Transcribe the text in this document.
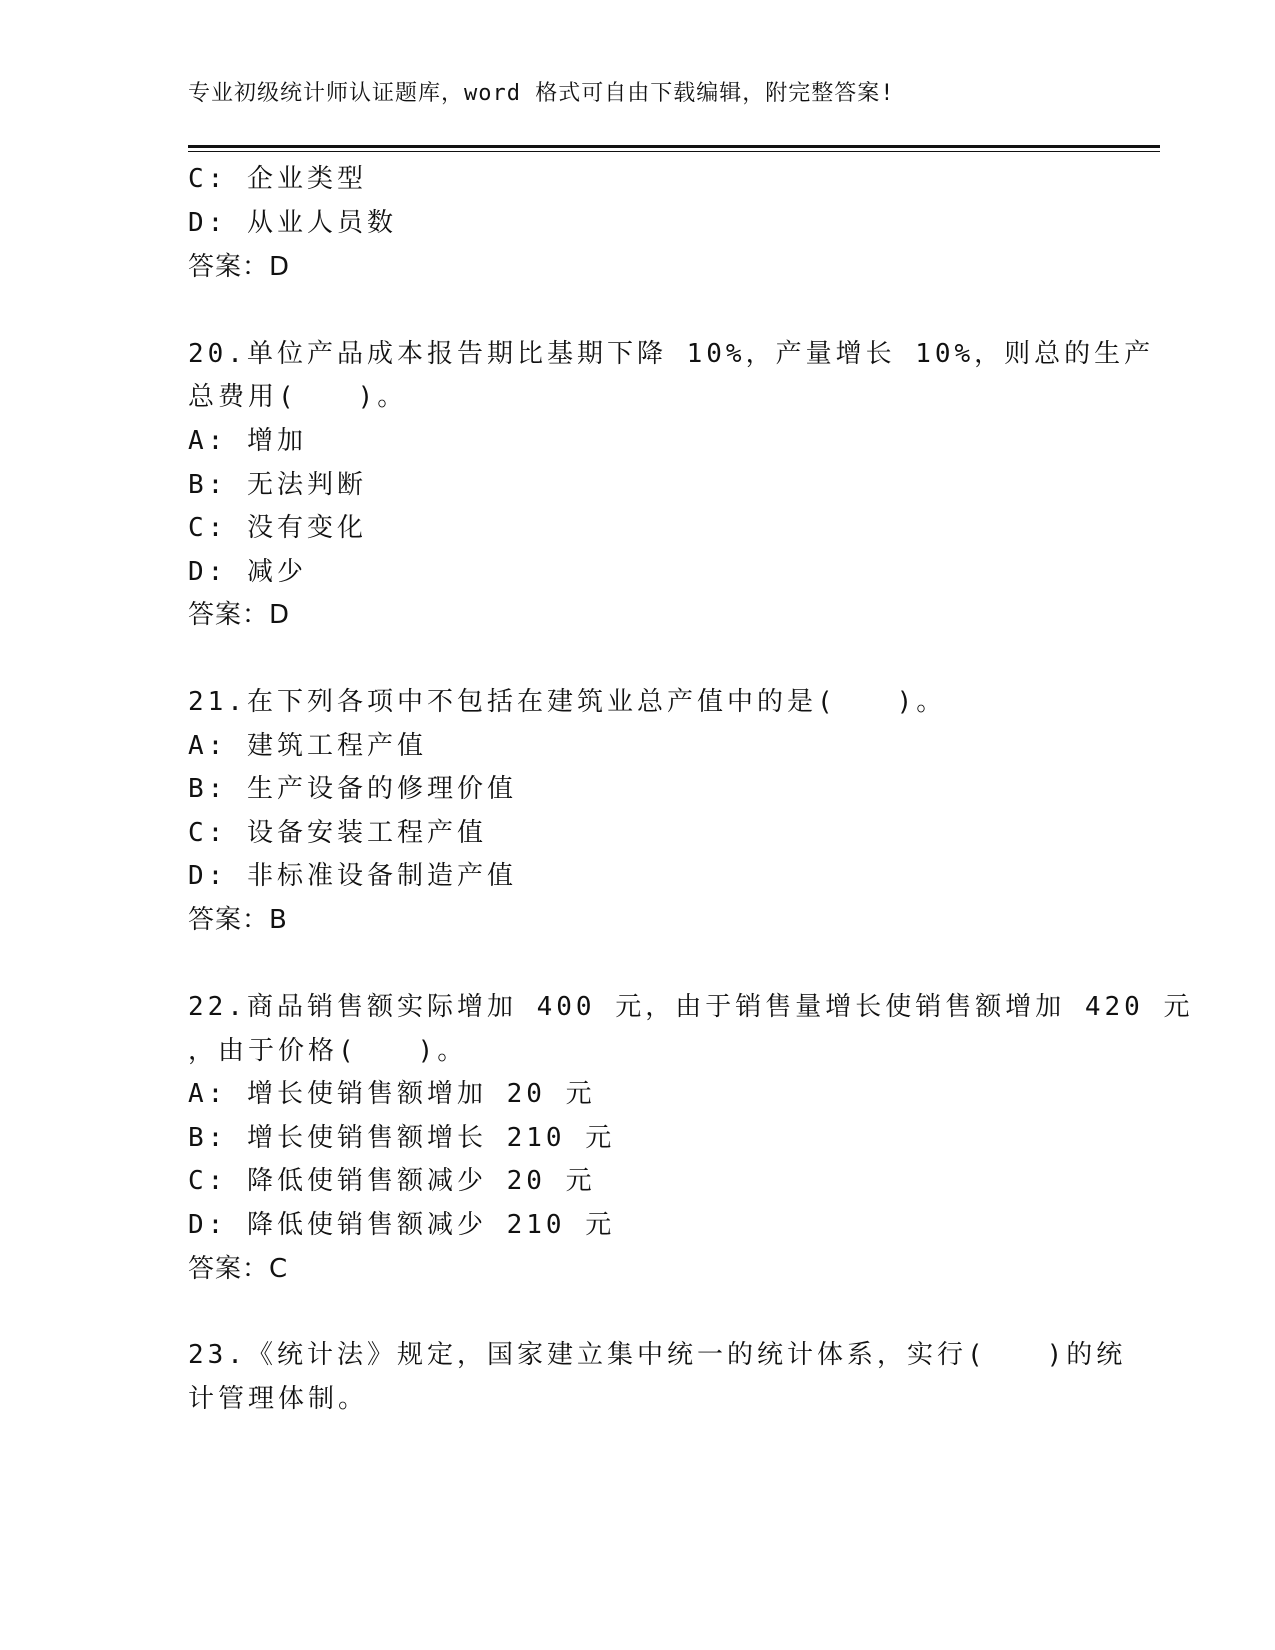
专业初级统计师认证题库，word 格式可自由下载编辑，附完整答案!
C: 企业类型
D: 从业人员数
答案：D
20.单位产品成本报告期比基期下降 10%，产量增长 10%，则总的生产
总费用(　　)。
A: 增加
B: 无法判断
C: 没有变化
D: 减少
答案：D
21.在下列各项中不包括在建筑业总产值中的是(　　)。
A: 建筑工程产值
B: 生产设备的修理价值
C: 设备安装工程产值
D: 非标准设备制造产值
答案：B
22.商品销售额实际增加 400 元，由于销售量增长使销售额增加 420 元
，由于价格(　　)。
A: 增长使销售额增加 20 元
B: 增长使销售额增长 210 元
C: 降低使销售额减少 20 元
D: 降低使销售额减少 210 元
答案：C
23.《统计法》规定，国家建立集中统一的统计体系，实行(　　)的统
计管理体制。
